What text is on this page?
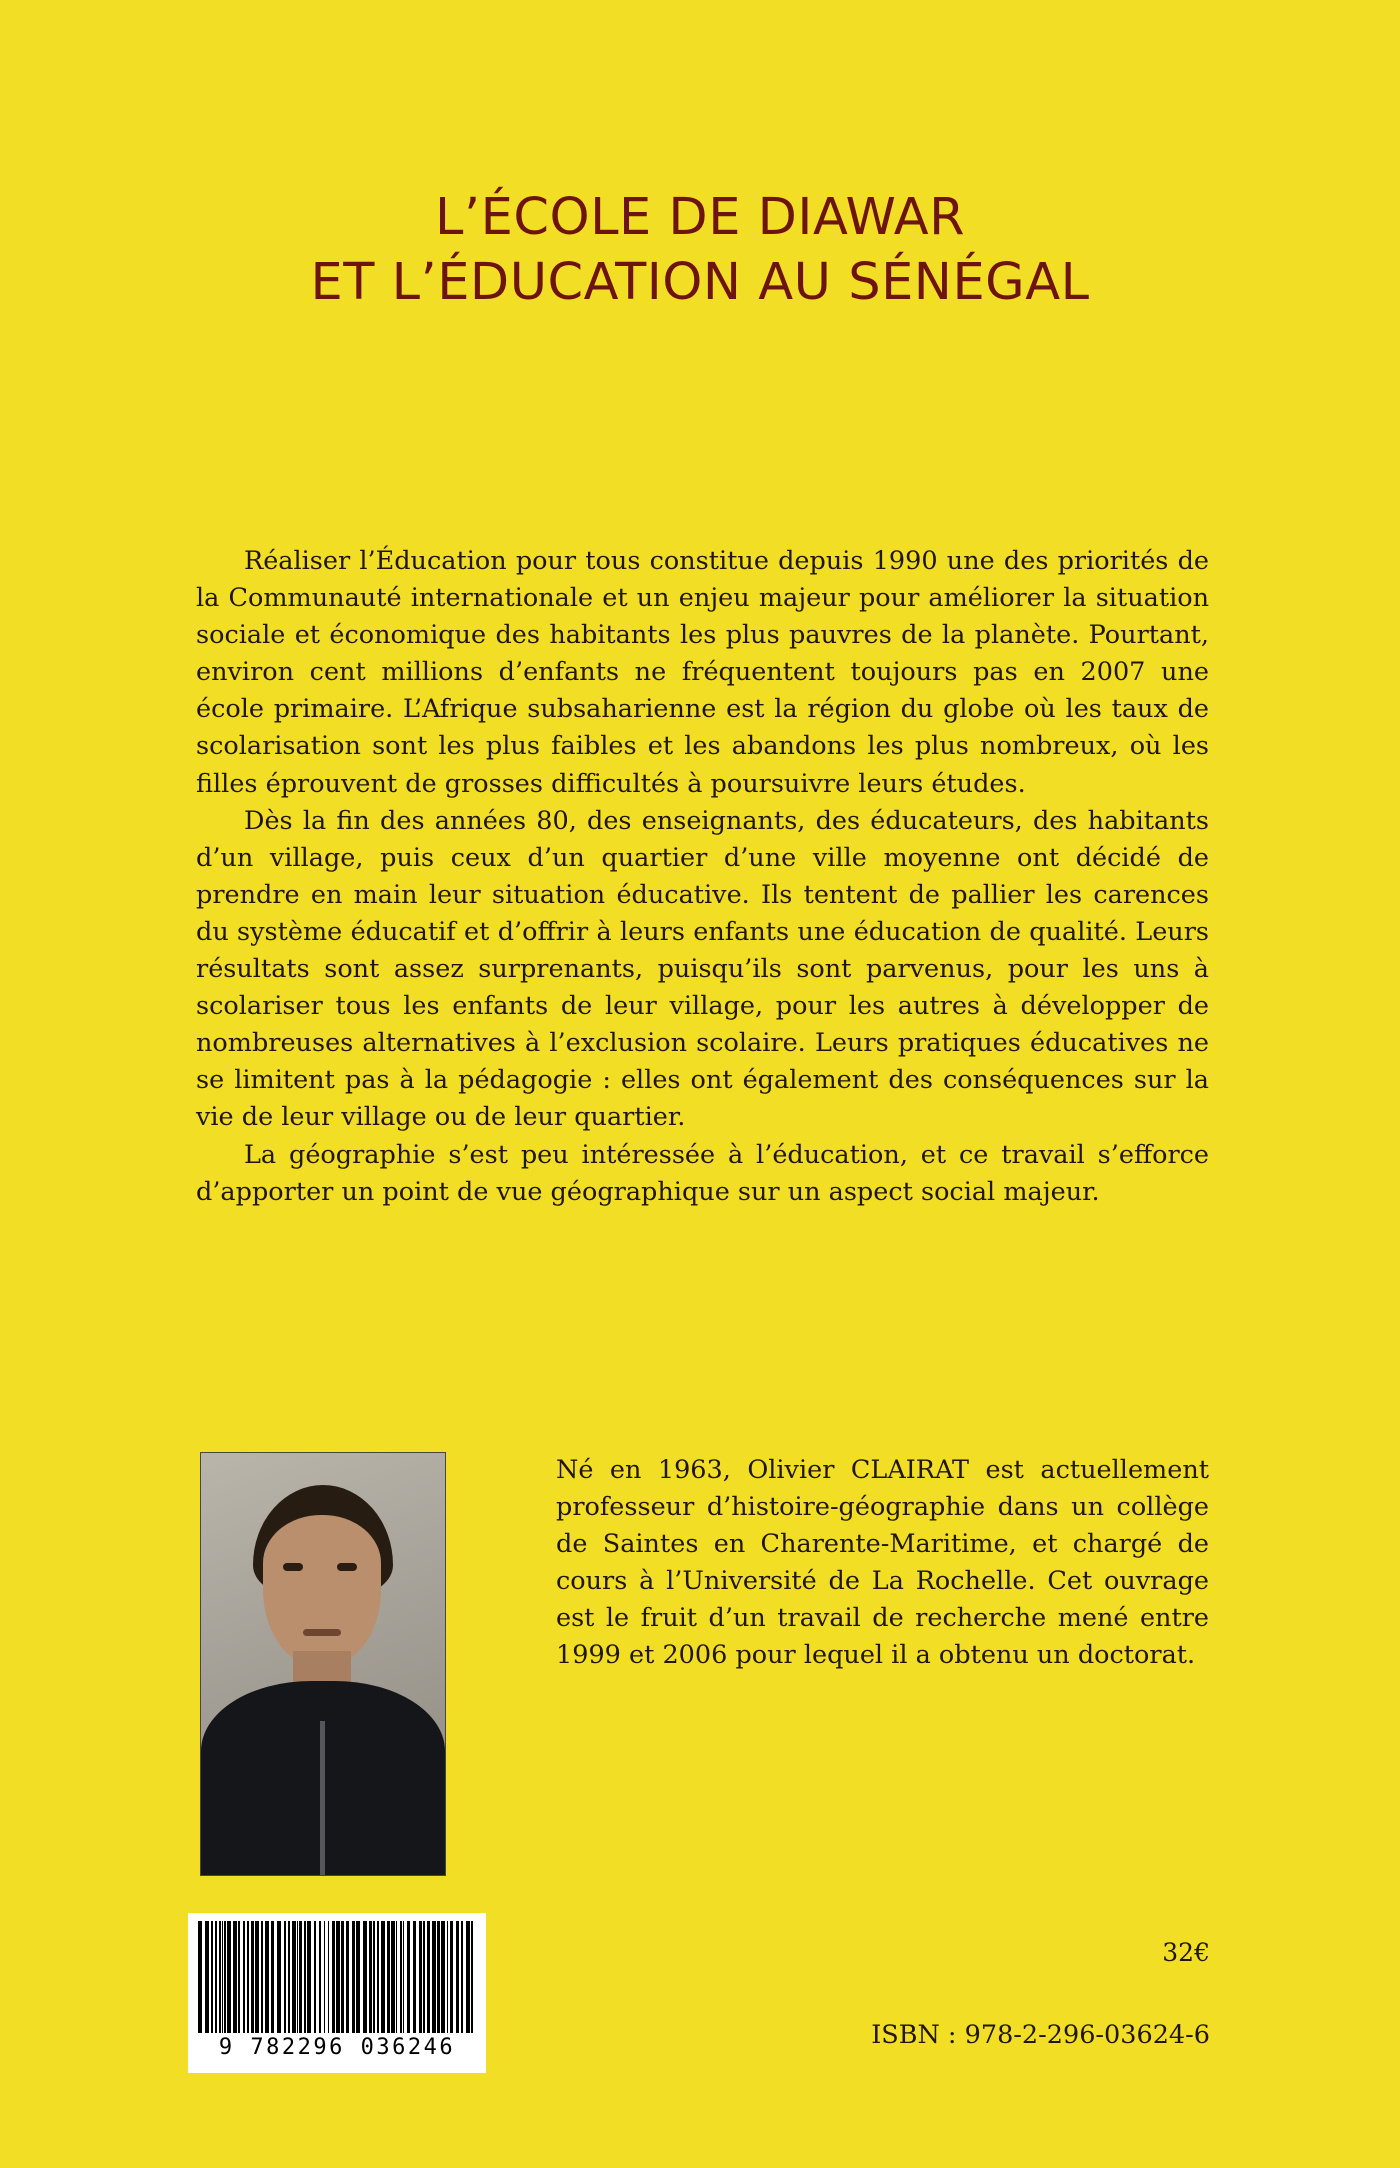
L’ÉCOLE DE DIAWAR
ET L’ÉDUCATION AU SÉNÉGAL

Réaliser l’Éducation pour tous constitue depuis 1990 une des priorités de la Communauté internationale et un enjeu majeur pour améliorer la situation sociale et économique des habitants les plus pauvres de la planète. Pourtant, environ cent millions d’enfants ne fréquentent toujours pas en 2007 une école primaire. L’Afrique subsaharienne est la région du globe où les taux de scolarisation sont les plus faibles et les abandons les plus nombreux, où les filles éprouvent de grosses difficultés à poursuivre leurs études.

Dès la fin des années 80, des enseignants, des éducateurs, des habitants d’un village, puis ceux d’un quartier d’une ville moyenne ont décidé de prendre en main leur situation éducative. Ils tentent de pallier les carences du système éducatif et d’offrir à leurs enfants une éducation de qualité. Leurs résultats sont assez surprenants, puisqu’ils sont parvenus, pour les uns à scolariser tous les enfants de leur village, pour les autres à développer de nombreuses alternatives à l’exclusion scolaire. Leurs pratiques éducatives ne se limitent pas à la pédagogie : elles ont également des conséquences sur la vie de leur village ou de leur quartier.

La géographie s’est peu intéressée à l’éducation, et ce travail s’efforce d’apporter un point de vue géographique sur un aspect social majeur.

Né en 1963, Olivier CLAIRAT est actuellement professeur d’histoire-géographie dans un collège de Saintes en Charente-Maritime, et chargé de cours à l’Université de La Rochelle. Cet ouvrage est le fruit d’un travail de recherche mené entre 1999 et 2006 pour lequel il a obtenu un doctorat.

9 782296 036246
32€
ISBN : 978-2-296-03624-6
